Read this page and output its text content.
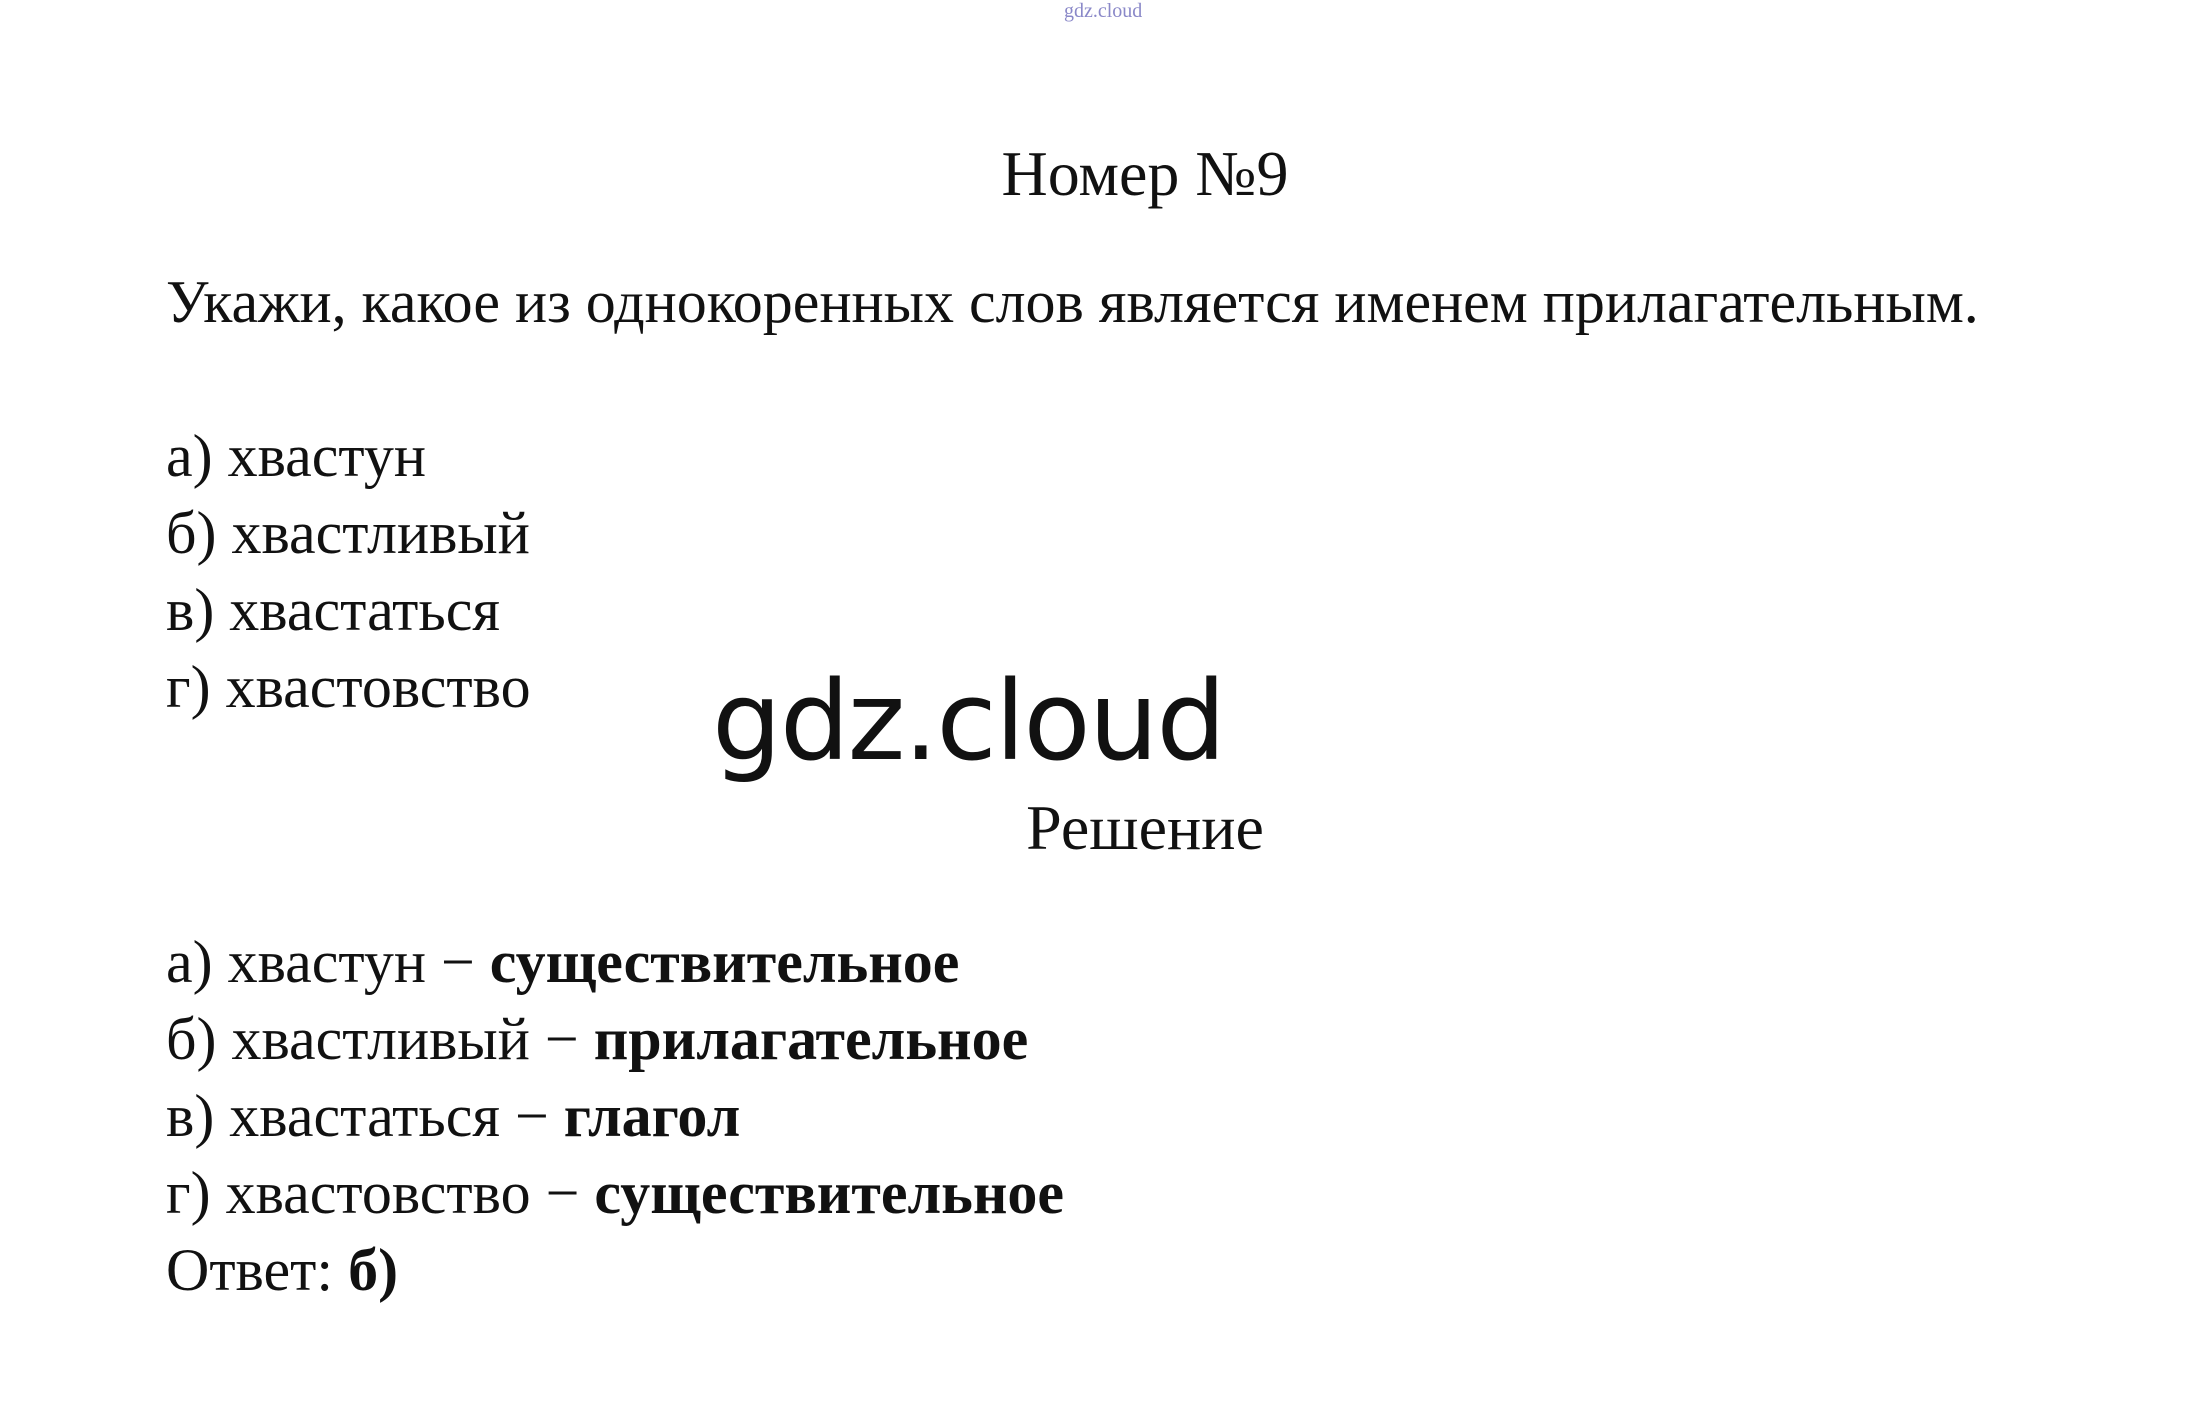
gdz.cloud
Номер №9

Укажи, какое из однокоренных слов является именем прилагательным.

а) хвастун
б) хвастливый
в) хвастаться
г) хвастовство gdz.cloud
Решение
а) хвастун − существительное
б) хвастливый − прилагательное
в) хвастаться − глагол
г) хвастовство − существительное
Ответ: б)
